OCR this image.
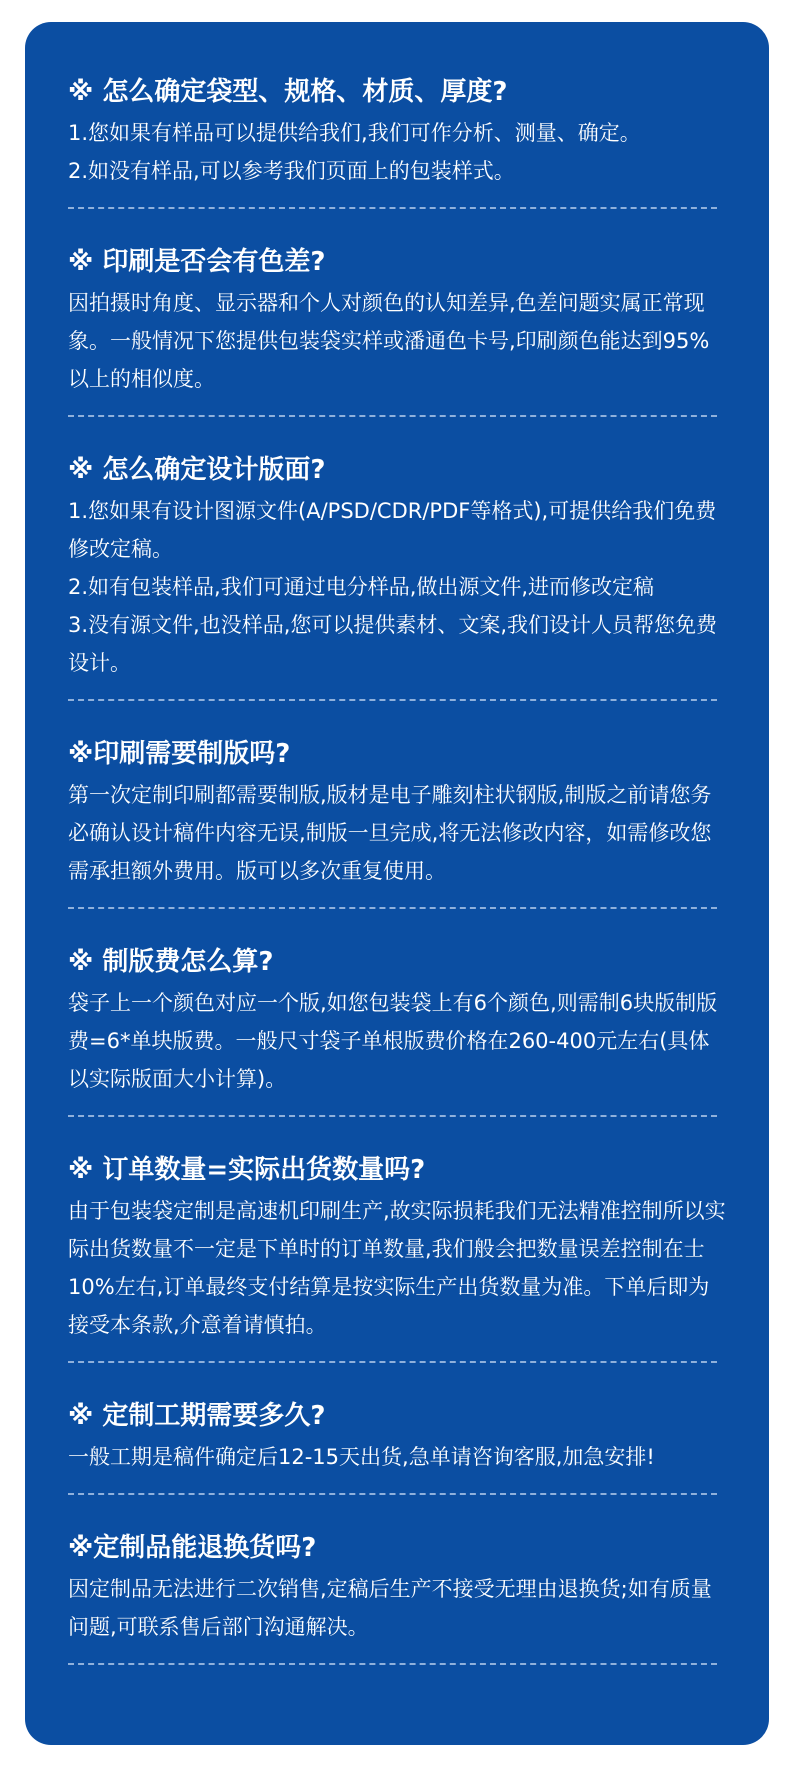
※ 怎么确定袋型、规格、材质、厚度?

1.您如果有样品可以提供给我们,我们可作分析、测量、确定。

2.如没有样品,可以参考我们页面上的包装样式。

※ 印刷是否会有色差?

因拍摄时角度、显示器和个人对颜色的认知差异,色差问题实属正常现象。一般情况下您提供包装袋实样或潘通色卡号,印刷颜色能达到95%以上的相似度。

※ 怎么确定设计版面?

1.您如果有设计图源文件(A/PSD/CDR/PDF等格式),可提供给我们免费修改定稿。

2.如有包装样品,我们可通过电分样品,做出源文件,进而修改定稿

3.没有源文件,也没样品,您可以提供素材、文案,我们设计人员帮您免费设计。

※印刷需要制版吗?

第一次定制印刷都需要制版,版材是电子雕刻柱状钢版,制版之前请您务必确认设计稿件内容无误,制版一旦完成,将无法修改内容，如需修改您需承担额外费用。版可以多次重复使用。

※ 制版费怎么算?

袋子上一个颜色对应一个版,如您包装袋上有6个颜色,则需制6块版制版费=6*单块版费。一般尺寸袋子单根版费价格在260-400元左右(具体以实际版面大小计算)。

※ 订单数量=实际出货数量吗?

由于包装袋定制是高速机印刷生产,故实际损耗我们无法精准控制所以实际出货数量不一定是下单时的订单数量,我们般会把数量误差控制在士10%左右,订单最终支付结算是按实际生产出货数量为准。下单后即为接受本条款,介意着请慎拍。

※ 定制工期需要多久?

一般工期是稿件确定后12-15天出货,急单请咨询客服,加急安排!

※定制品能退换货吗?

因定制品无法进行二次销售,定稿后生产不接受无理由退换货;如有质量问题,可联系售后部门沟通解决。
